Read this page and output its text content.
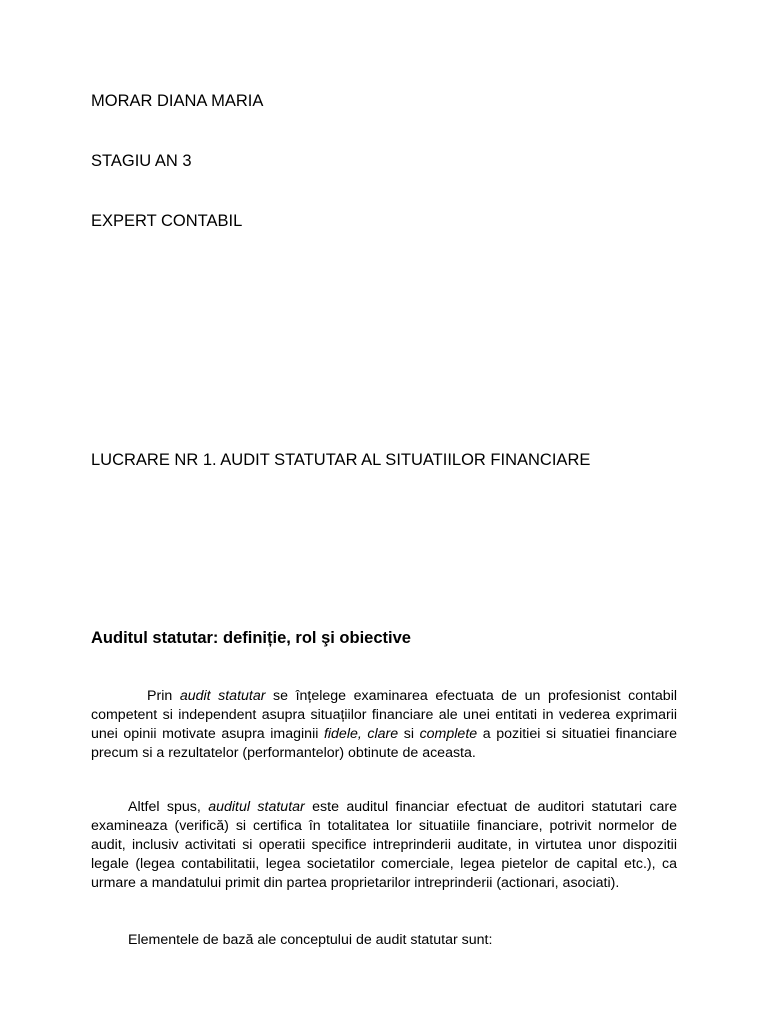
MORAR DIANA MARIA

STAGIU AN 3

EXPERT CONTABIL

LUCRARE NR 1. AUDIT STATUTAR AL SITUATIILOR FINANCIARE

Auditul statutar: definiție, rol şi obiective

Prin audit statutar se înțelege examinarea efectuata de un profesionist contabil competent si independent asupra situațiilor financiare ale unei entitati in vederea exprimarii unei opinii motivate asupra imaginii fidele, clare si complete a pozitiei si situatiei financiare precum si a rezultatelor (performantelor) obtinute de aceasta.

Altfel spus, auditul statutar este auditul financiar efectuat de auditori statutari care examineaza (verifică) si certifica în totalitatea lor situatiile financiare, potrivit normelor de audit, inclusiv activitati si operatii specifice intreprinderii auditate, in virtutea unor dispozitii legale (legea contabilitatii, legea societatilor comerciale, legea pietelor de capital etc.), ca urmare a mandatului primit din partea proprietarilor intreprinderii (actionari, asociati).

Elementele de bază ale conceptului de audit statutar sunt:
